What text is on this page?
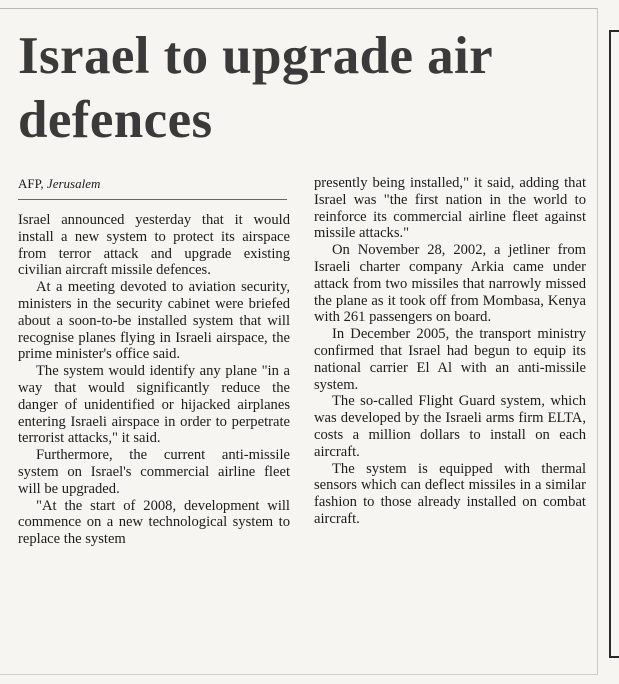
Israel to upgrade air defences
AFP, Jerusalem

Israel announced yesterday that it would install a new system to protect its airspace from terror attack and upgrade existing civilian aircraft missile defences.

At a meeting devoted to aviation security, ministers in the security cabinet were briefed about a soon-to-be installed system that will recognise planes flying in Israeli airspace, the prime minister's office said.

The system would identify any plane "in a way that would significantly reduce the danger of unidentified or hijacked airplanes entering Israeli airspace in order to perpetrate terrorist attacks," it said.

Furthermore, the current anti-missile system on Israel's commercial airline fleet will be upgraded.

"At the start of 2008, development will commence on a new technological system to replace the system

presently being installed," it said, adding that Israel was "the first nation in the world to reinforce its commercial airline fleet against missile attacks."

On November 28, 2002, a jetliner from Israeli charter company Arkia came under attack from two missiles that narrowly missed the plane as it took off from Mombasa, Kenya with 261 passengers on board.

In December 2005, the transport ministry confirmed that Israel had begun to equip its national carrier El Al with an anti-missile system.

The so-called Flight Guard system, which was developed by the Israeli arms firm ELTA, costs a million dollars to install on each aircraft.

The system is equipped with thermal sensors which can deflect missiles in a similar fashion to those already installed on combat aircraft.
